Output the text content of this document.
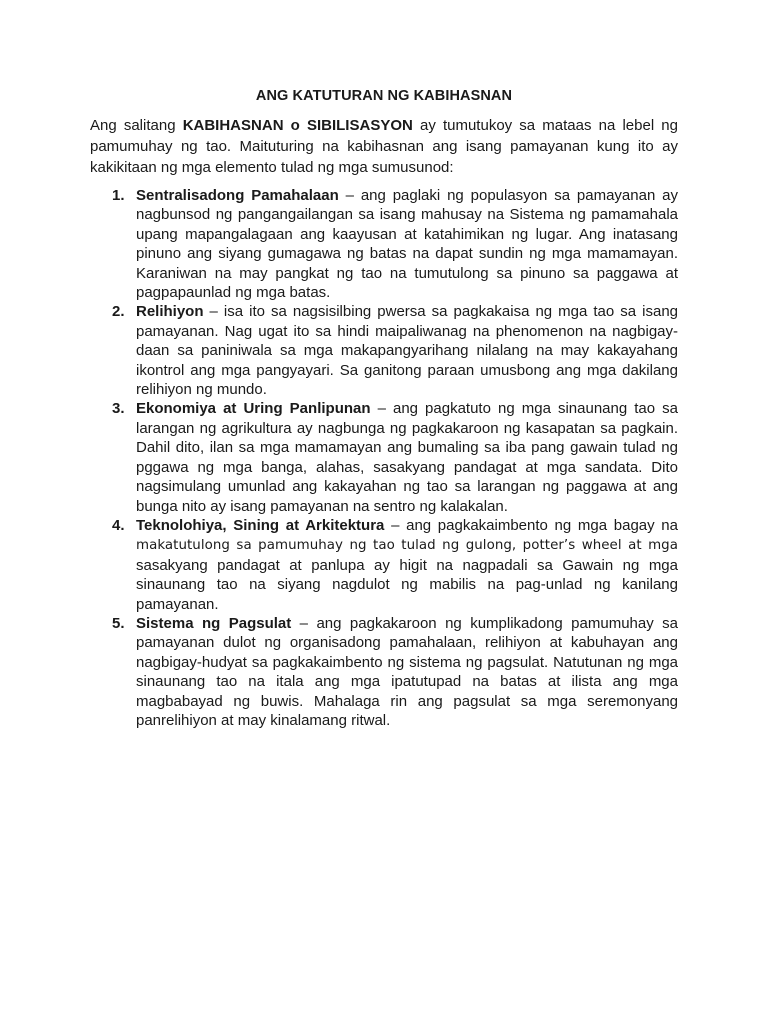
ANG KATUTURAN NG KABIHASNAN

Ang salitang KABIHASNAN o SIBILISASYON ay tumutukoy sa mataas na lebel ng pamumuhay ng tao. Maituturing na kabihasnan ang isang pamayanan kung ito ay kakikitaan ng mga elemento tulad ng mga sumusunod:

1. Sentralisadong Pamahalaan – ang paglaki ng populasyon sa pamayanan ay nagbunsod ng pangangailangan sa isang mahusay na Sistema ng pamamahala upang mapangalagaan ang kaayusan at katahimikan ng lugar. Ang inatasang pinuno ang siyang gumagawa ng batas na dapat sundin ng mga mamamayan. Karaniwan na may pangkat ng tao na tumutulong sa pinuno sa paggawa at pagpapaunlad ng mga batas.
2. Relihiyon – isa ito sa nagsisilbing pwersa sa pagkakaisa ng mga tao sa isang pamayanan. Nag ugat ito sa hindi maipaliwanag na phenomenon na nagbigay-daan sa paniniwala sa mga makapangyarihang nilalang na may kakayahang ikontrol ang mga pangyayari. Sa ganitong paraan umusbong ang mga dakilang relihiyon ng mundo.
3. Ekonomiya at Uring Panlipunan – ang pagkatuto ng mga sinaunang tao sa larangan ng agrikultura ay nagbunga ng pagkakaroon ng kasapatan sa pagkain. Dahil dito, ilan sa mga mamamayan ang bumaling sa iba pang gawain tulad ng pggawa ng mga banga, alahas, sasakyang pandagat at mga sandata. Dito nagsimulang umunlad ang kakayahan ng tao sa larangan ng paggawa at ang bunga nito ay isang pamayanan na sentro ng kalakalan.
4. Teknolohiya, Sining at Arkitektura – ang pagkakaimbento ng mga bagay na makatutulong sa pamumuhay ng tao tulad ng gulong, potter’s wheel at mga sasakyang pandagat at panlupa ay higit na nagpadali sa Gawain ng mga sinaunang tao na siyang nagdulot ng mabilis na pag-unlad ng kanilang pamayanan.
5. Sistema ng Pagsulat – ang pagkakaroon ng kumplikadong pamumuhay sa pamayanan dulot ng organisadong pamahalaan, relihiyon at kabuhayan ang nagbigay-hudyat sa pagkakaimbento ng sistema ng pagsulat. Natutunan ng mga sinaunang tao na itala ang mga ipatutupad na batas at ilista ang mga magbabayad ng buwis. Mahalaga rin ang pagsulat sa mga seremonyang panrelihiyon at may kinalamang ritwal.
